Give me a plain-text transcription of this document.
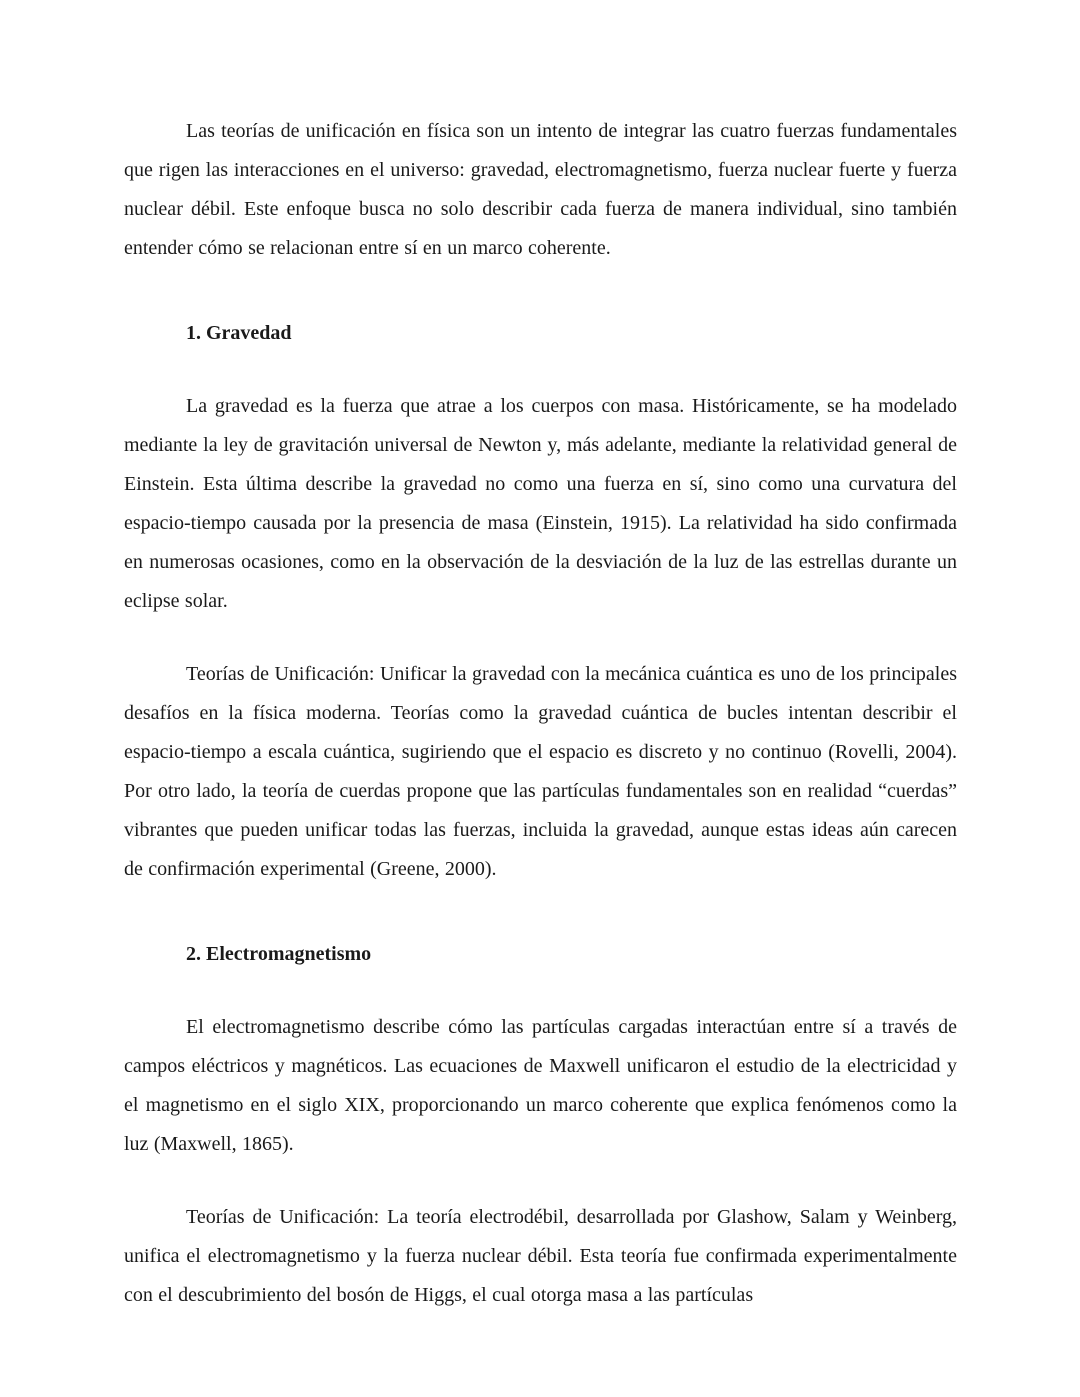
Las teorías de unificación en física son un intento de integrar las cuatro fuerzas fundamentales que rigen las interacciones en el universo: gravedad, electromagnetismo, fuerza nuclear fuerte y fuerza nuclear débil. Este enfoque busca no solo describir cada fuerza de manera individual, sino también entender cómo se relacionan entre sí en un marco coherente.

1. Gravedad

La gravedad es la fuerza que atrae a los cuerpos con masa. Históricamente, se ha modelado mediante la ley de gravitación universal de Newton y, más adelante, mediante la relatividad general de Einstein. Esta última describe la gravedad no como una fuerza en sí, sino como una curvatura del espacio-tiempo causada por la presencia de masa (Einstein, 1915). La relatividad ha sido confirmada en numerosas ocasiones, como en la observación de la desviación de la luz de las estrellas durante un eclipse solar.

Teorías de Unificación: Unificar la gravedad con la mecánica cuántica es uno de los principales desafíos en la física moderna. Teorías como la gravedad cuántica de bucles intentan describir el espacio-tiempo a escala cuántica, sugiriendo que el espacio es discreto y no continuo (Rovelli, 2004). Por otro lado, la teoría de cuerdas propone que las partículas fundamentales son en realidad “cuerdas” vibrantes que pueden unificar todas las fuerzas, incluida la gravedad, aunque estas ideas aún carecen de confirmación experimental (Greene, 2000).

2. Electromagnetismo

El electromagnetismo describe cómo las partículas cargadas interactúan entre sí a través de campos eléctricos y magnéticos. Las ecuaciones de Maxwell unificaron el estudio de la electricidad y el magnetismo en el siglo XIX, proporcionando un marco coherente que explica fenómenos como la luz (Maxwell, 1865).

Teorías de Unificación: La teoría electrodébil, desarrollada por Glashow, Salam y Weinberg, unifica el electromagnetismo y la fuerza nuclear débil. Esta teoría fue confirmada experimentalmente con el descubrimiento del bosón de Higgs, el cual otorga masa a las partículas
